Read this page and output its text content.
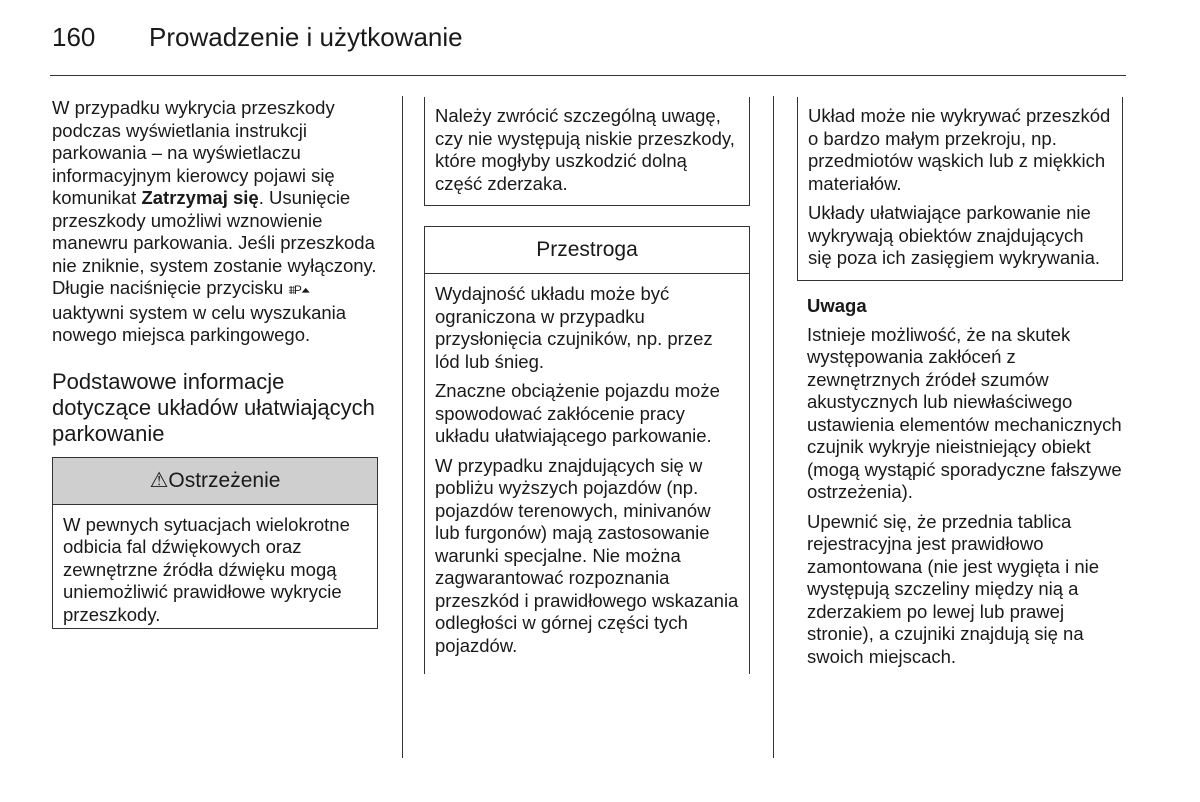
160	Prowadzenie i użytkowanie

W przypadku wykrycia przeszkody podczas wyświetlania instrukcji parkowania – na wyświetlaczu informacyjnym kierowcy pojawi się komunikat Zatrzymaj się. Usunięcie przeszkody umożliwi wznowienie manewru parkowania. Jeśli przeszkoda nie zniknie, system zostanie wyłączony. Długie naciśnięcie przycisku ⩩P⏶ uaktywni system w celu wyszukania nowego miejsca parkingowego.

Podstawowe informacje dotyczące układów ułatwiających parkowanie
⚠Ostrzeżenie
W pewnych sytuacjach wielokrotne odbicia fal dźwiękowych oraz zewnętrzne źródła dźwięku mogą uniemożliwić prawidłowe wykrycie przeszkody.
Należy zwrócić szczególną uwagę, czy nie występują niskie przeszkody, które mogłyby uszkodzić dolną część zderzaka.
Przestroga

Wydajność układu może być ograniczona w przypadku przysłonięcia czujników, np. przez lód lub śnieg.

Znaczne obciążenie pojazdu może spowodować zakłócenie pracy układu ułatwiającego parkowanie.

W przypadku znajdujących się w pobliżu wyższych pojazdów (np. pojazdów terenowych, minivanów lub furgonów) mają zastosowanie warunki specjalne. Nie można zagwarantować rozpoznania przeszkód i prawidłowego wskazania odległości w górnej części tych pojazdów.

Układ może nie wykrywać przeszkód o bardzo małym przekroju, np. przedmiotów wąskich lub z miękkich materiałów.

Układy ułatwiające parkowanie nie wykrywają obiektów znajdujących się poza ich zasięgiem wykrywania.

Uwaga

Istnieje możliwość, że na skutek występowania zakłóceń z zewnętrznych źródeł szumów akustycznych lub niewłaściwego ustawienia elementów mechanicznych czujnik wykryje nieistniejący obiekt (mogą wystąpić sporadyczne fałszywe ostrzeżenia).

Upewnić się, że przednia tablica rejestracyjna jest prawidłowo zamontowana (nie jest wygięta i nie występują szczeliny między nią a zderzakiem po lewej lub prawej stronie), a czujniki znajdują się na swoich miejscach.
